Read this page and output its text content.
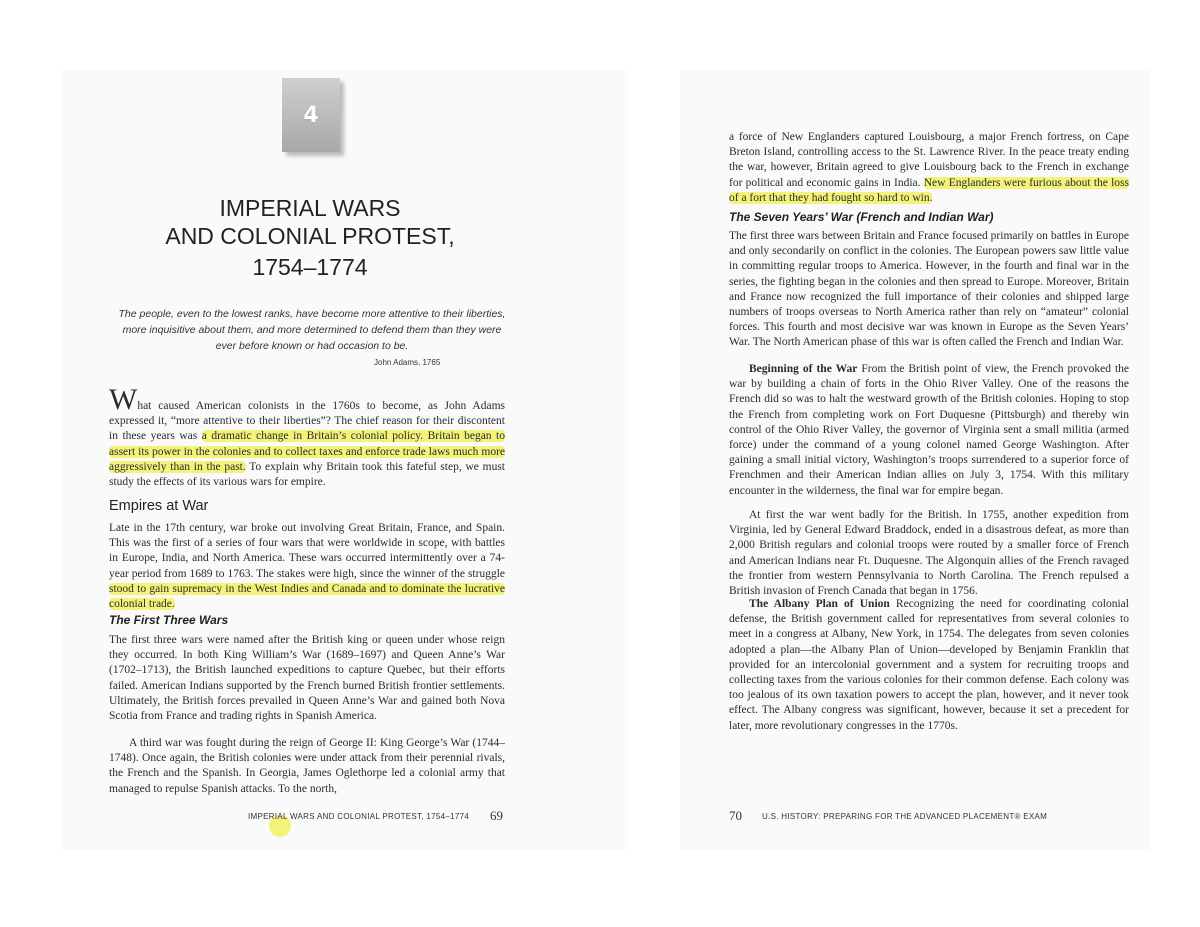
4
IMPERIAL WARS
AND COLONIAL PROTEST,
1754–1774
The people, even to the lowest ranks, have become more attentive to their liberties, more inquisitive about them, and more determined to defend them than they were ever before known or had occasion to be.
John Adams, 1765
What caused American colonists in the 1760s to become, as John Adams expressed it, “more attentive to their liberties”? The chief reason for their discontent in these years was a dramatic change in Britain’s colonial policy. Britain began to assert its power in the colonies and to collect taxes and enforce trade laws much more aggressively than in the past. To explain why Britain took this fateful step, we must study the effects of its various wars for empire.
Empires at War
Late in the 17th century, war broke out involving Great Britain, France, and Spain. This was the first of a series of four wars that were worldwide in scope, with battles in Europe, India, and North America. These wars occurred intermittently over a 74-year period from 1689 to 1763. The stakes were high, since the winner of the struggle stood to gain supremacy in the West Indies and Canada and to dominate the lucrative colonial trade.
The First Three Wars
The first three wars were named after the British king or queen under whose reign they occurred. In both King William’s War (1689–1697) and Queen Anne’s War (1702–1713), the British launched expeditions to capture Quebec, but their efforts failed. American Indians supported by the French burned British frontier settlements. Ultimately, the British forces prevailed in Queen Anne’s War and gained both Nova Scotia from France and trading rights in Spanish America.
A third war was fought during the reign of George II: King George’s War (1744–1748). Once again, the British colonies were under attack from their perennial rivals, the French and the Spanish. In Georgia, James Oglethorpe led a colonial army that managed to repulse Spanish attacks. To the north,
IMPERIAL WARS AND COLONIAL PROTEST, 1754–1774 69
a force of New Englanders captured Louisbourg, a major French fortress, on Cape Breton Island, controlling access to the St. Lawrence River. In the peace treaty ending the war, however, Britain agreed to give Louisbourg back to the French in exchange for political and economic gains in India. New Englanders were furious about the loss of a fort that they had fought so hard to win.
The Seven Years’ War (French and Indian War)
The first three wars between Britain and France focused primarily on battles in Europe and only secondarily on conflict in the colonies. The European powers saw little value in committing regular troops to America. However, in the fourth and final war in the series, the fighting began in the colonies and then spread to Europe. Moreover, Britain and France now recognized the full importance of their colonies and shipped large numbers of troops overseas to North America rather than rely on “amateur” colonial forces. This fourth and most decisive war was known in Europe as the Seven Years’ War. The North American phase of this war is often called the French and Indian War.
Beginning of the War From the British point of view, the French provoked the war by building a chain of forts in the Ohio River Valley. One of the reasons the French did so was to halt the westward growth of the British colonies. Hoping to stop the French from completing work on Fort Duquesne (Pittsburgh) and thereby win control of the Ohio River Valley, the governor of Virginia sent a small militia (armed force) under the command of a young colonel named George Washington. After gaining a small initial victory, Washington’s troops surrendered to a superior force of Frenchmen and their American Indian allies on July 3, 1754. With this military encounter in the wilderness, the final war for empire began.
At first the war went badly for the British. In 1755, another expedition from Virginia, led by General Edward Braddock, ended in a disastrous defeat, as more than 2,000 British regulars and colonial troops were routed by a smaller force of French and American Indians near Ft. Duquesne. The Algonquin allies of the French ravaged the frontier from western Pennsylvania to North Carolina. The French repulsed a British invasion of French Canada that began in 1756.
The Albany Plan of Union Recognizing the need for coordinating colonial defense, the British government called for representatives from several colonies to meet in a congress at Albany, New York, in 1754. The delegates from seven colonies adopted a plan—the Albany Plan of Union—developed by Benjamin Franklin that provided for an intercolonial government and a system for recruiting troops and collecting taxes from the various colonies for their common defense. Each colony was too jealous of its own taxation powers to accept the plan, however, and it never took effect. The Albany congress was significant, however, because it set a precedent for later, more revolutionary congresses in the 1770s.
70	U.S. HISTORY: PREPARING FOR THE ADVANCED PLACEMENT® EXAM
